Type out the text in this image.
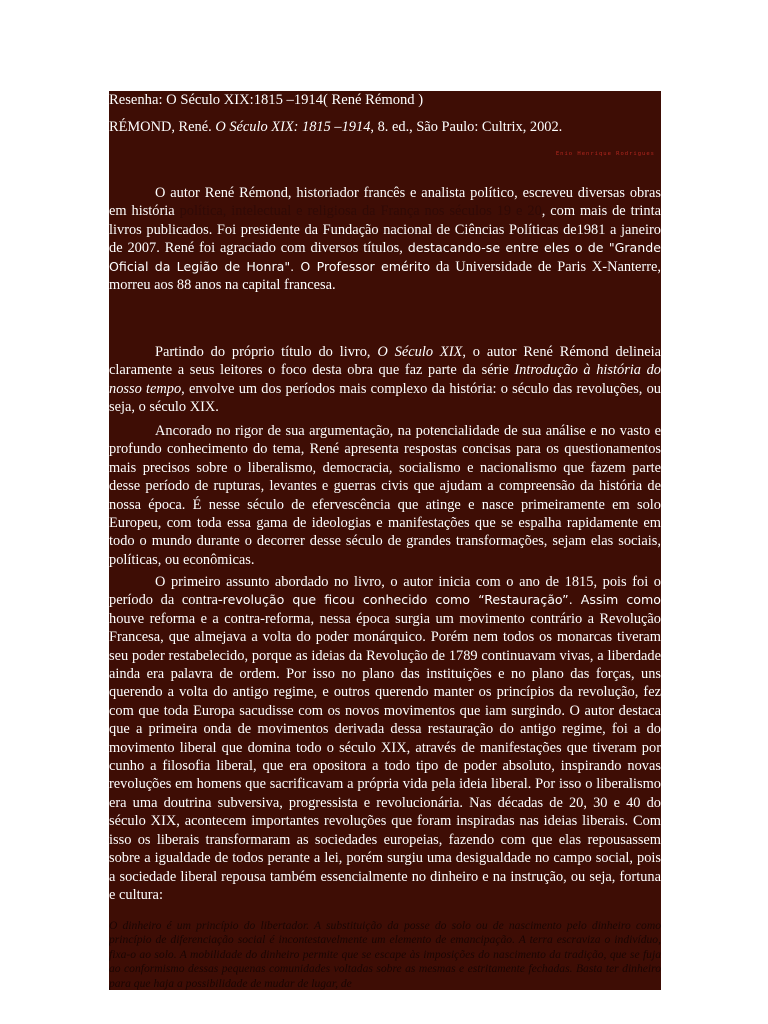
Resenha: O Século XIX:1815 –1914( René Rémond )

RÉMOND, René. O Século XIX: 1815 –1914, 8. ed., São Paulo: Cultrix, 2002.

Enio Henrique Rodrigues

O autor René Rémond, historiador francês e analista político, escreveu diversas obras em história política, intelectual e religiosa da França nos séculos 19 e 20, com mais de trinta livros publicados. Foi presidente da Fundação nacional de Ciências Políticas de1981 a janeiro de 2007. René foi agraciado com diversos títulos, destacando-se entre eles o de "Grande Oficial da Legião de Honra". O Professor emérito da Universidade de Paris X-Nanterre, morreu aos 88 anos na capital francesa.

Partindo do próprio título do livro, O Século XIX, o autor René Rémond delineia claramente a seus leitores o foco desta obra que faz parte da série Introdução à história do nosso tempo, envolve um dos períodos mais complexo da história: o século das revoluções, ou seja, o século XIX.

Ancorado no rigor de sua argumentação, na potencialidade de sua análise e no vasto e profundo conhecimento do tema, René apresenta respostas concisas para os questionamentos mais precisos sobre o liberalismo, democracia, socialismo e nacionalismo que fazem parte desse período de rupturas, levantes e guerras civis que ajudam a compreensão da história de nossa época. É nesse século de efervescência que atinge e nasce primeiramente em solo Europeu, com toda essa gama de ideologias e manifestações que se espalha rapidamente em todo o mundo durante o decorrer desse século de grandes transformações, sejam elas sociais, políticas, ou econômicas.

O primeiro assunto abordado no livro, o autor inicia com o ano de 1815, pois foi o período da contra-revolução que ficou conhecido como “Restauração”. Assim como houve reforma e a contra-reforma, nessa época surgia um movimento contrário a Revolução Francesa, que almejava a volta do poder monárquico. Porém nem todos os monarcas tiveram seu poder restabelecido, porque as ideias da Revolução de 1789 continuavam vivas, a liberdade ainda era palavra de ordem. Por isso no plano das instituições e no plano das forças, uns querendo a volta do antigo regime, e outros querendo manter os princípios da revolução, fez com que toda Europa sacudisse com os novos movimentos que iam surgindo. O autor destaca que a primeira onda de movimentos derivada dessa restauração do antigo regime, foi a do movimento liberal que domina todo o século XIX, através de manifestações que tiveram por cunho a filosofia liberal, que era opositora a todo tipo de poder absoluto, inspirando novas revoluções em homens que sacrificavam a própria vida pela ideia liberal. Por isso o liberalismo era uma doutrina subversiva, progressista e revolucionária. Nas décadas de 20, 30 e 40 do século XIX, acontecem importantes revoluções que foram inspiradas nas ideias liberais. Com isso os liberais transformaram as sociedades europeias, fazendo com que elas repousassem sobre a igualdade de todos perante a lei, porém surgiu uma desigualdade no campo social, pois a sociedade liberal repousa também essencialmente no dinheiro e na instrução, ou seja, fortuna e cultura:

O dinheiro é um princípio do libertador. A substituição da posse do solo ou de nascimento pelo dinheiro como princípio de diferenciação social é incontestavelmente um elemento de emancipação. A terra escraviza o indivíduo, fixa-o ao solo. A mobilidade do dinheiro permite que se escape às imposições do nascimento da tradição, que se fuja ao conformismo dessas pequenas comunidades voltadas sobre as mesmas e estritamente fechadas. Basta ter dinheiro para que haja a possibilidade de mudar de lugar, de
